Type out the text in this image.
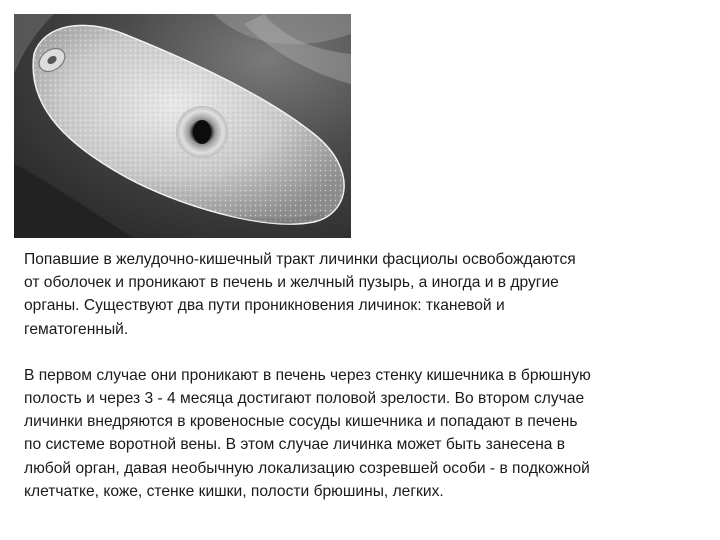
Попавшие в желудочно-кишечный тракт личинки фасциолы освобождаются
от оболочек и проникают в печень и желчный пузырь, а иногда и в другие
органы. Существуют два пути проникновения личинок: тканевой и
гематогенный.

В первом случае они проникают в печень через стенку кишечника в брюшную
полость и через 3 - 4 месяца достигают половой зрелости. Во втором случае
личинки внедряются в кровеносные сосуды кишечника и попадают в печень
по системе воротной вены. В этом случае личинка может быть занесена в
любой орган, давая необычную локализацию созревшей особи - в подкожной
клетчатке, коже, стенке кишки, полости брюшины, легких.
